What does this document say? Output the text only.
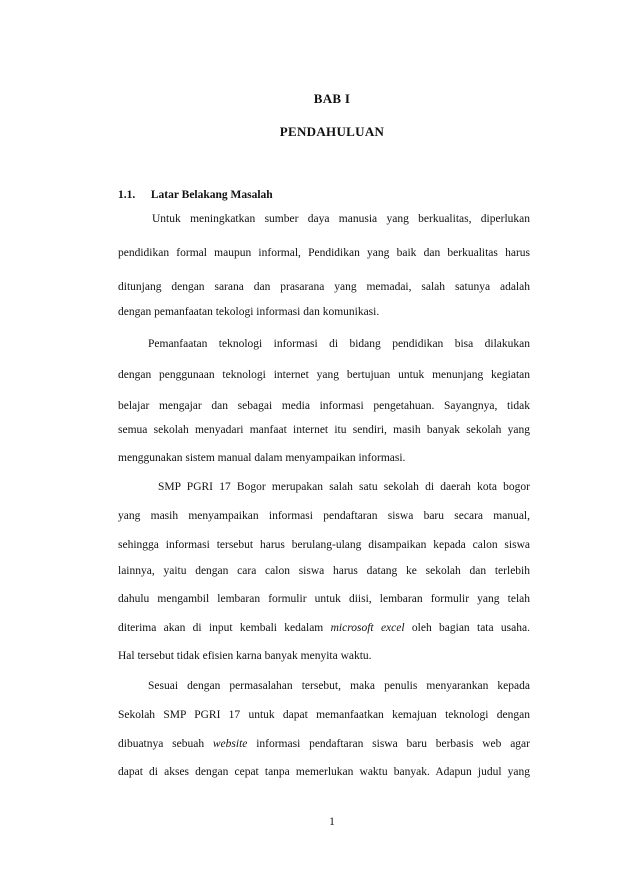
BAB I
PENDAHULUAN
1.1. Latar Belakang Masalah
Untuk meningkatkan sumber daya manusia yang berkualitas, diperlukan
pendidikan formal maupun informal, Pendidikan yang baik dan berkualitas harus
ditunjang dengan sarana dan prasarana yang memadai, salah satunya adalah
dengan pemanfaatan tekologi informasi dan komunikasi.
Pemanfaatan teknologi informasi di bidang pendidikan bisa dilakukan
dengan penggunaan teknologi internet yang bertujuan untuk menunjang kegiatan
belajar mengajar dan sebagai media informasi pengetahuan. Sayangnya, tidak
semua sekolah menyadari manfaat internet itu sendiri, masih banyak sekolah yang
menggunakan sistem manual dalam menyampaikan informasi.
SMP PGRI 17 Bogor merupakan salah satu sekolah di daerah kota bogor
yang masih menyampaikan informasi pendaftaran siswa baru secara manual,
sehingga informasi tersebut harus berulang-ulang disampaikan kepada calon siswa
lainnya, yaitu dengan cara calon siswa harus datang ke sekolah dan terlebih
dahulu mengambil lembaran formulir untuk diisi, lembaran formulir yang telah
diterima akan di input kembali kedalam microsoft excel oleh bagian tata usaha.
Hal tersebut tidak efisien karna banyak menyita waktu.
Sesuai dengan permasalahan tersebut, maka penulis menyarankan kepada
Sekolah SMP PGRI 17 untuk dapat memanfaatkan kemajuan teknologi dengan
dibuatnya sebuah website informasi pendaftaran siswa baru berbasis web agar
dapat di akses dengan cepat tanpa memerlukan waktu banyak. Adapun judul yang
1
